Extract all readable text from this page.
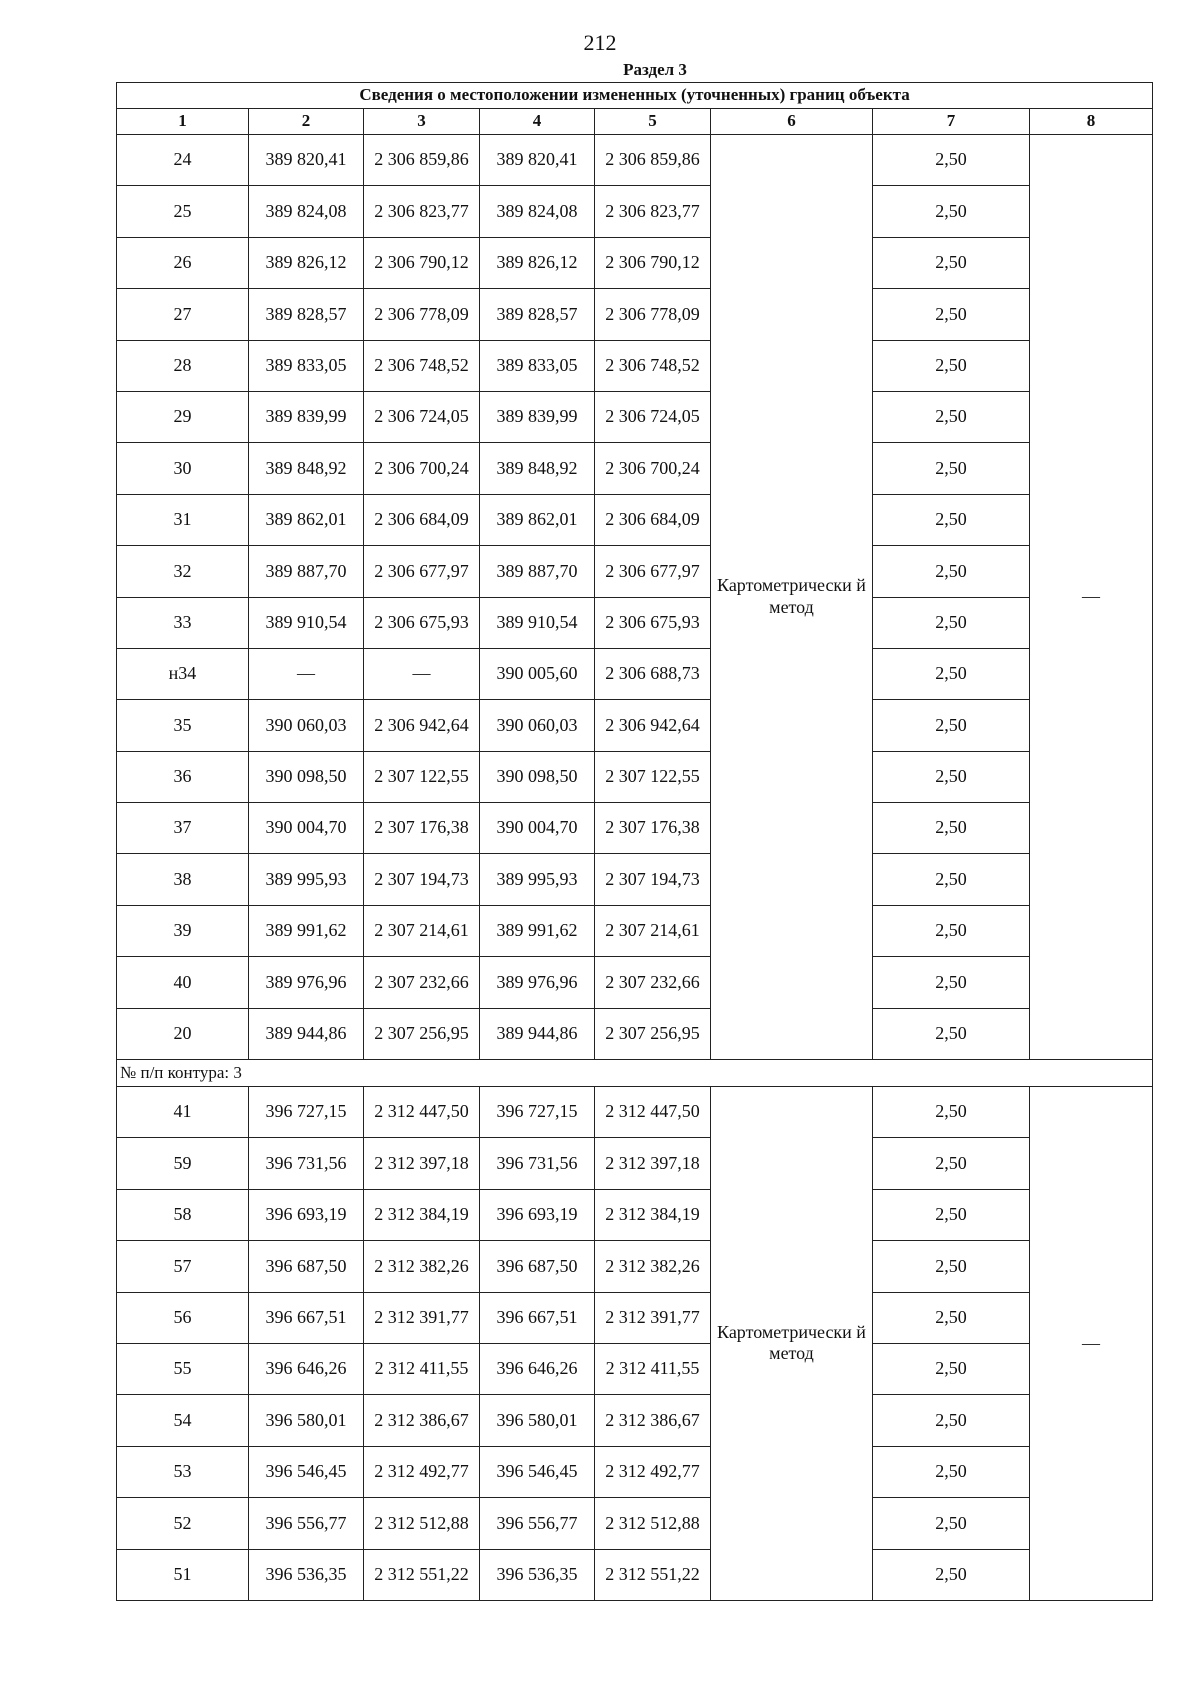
212
Раздел 3
Сведения о местоположении измененных (уточненных) границ объекта							
1	2	3	4	5	6	7	8
24	389 820,41	2 306 859,86	389 820,41	2 306 859,86	Картометрически й метод	2,50	—
25	389 824,08	2 306 823,77	389 824,08	2 306 823,77		2,50	
26	389 826,12	2 306 790,12	389 826,12	2 306 790,12		2,50	
27	389 828,57	2 306 778,09	389 828,57	2 306 778,09		2,50	
28	389 833,05	2 306 748,52	389 833,05	2 306 748,52		2,50	
29	389 839,99	2 306 724,05	389 839,99	2 306 724,05		2,50	
30	389 848,92	2 306 700,24	389 848,92	2 306 700,24		2,50	
31	389 862,01	2 306 684,09	389 862,01	2 306 684,09		2,50	
32	389 887,70	2 306 677,97	389 887,70	2 306 677,97		2,50	
33	389 910,54	2 306 675,93	389 910,54	2 306 675,93		2,50	
н34	—	—	390 005,60	2 306 688,73		2,50	
35	390 060,03	2 306 942,64	390 060,03	2 306 942,64		2,50	
36	390 098,50	2 307 122,55	390 098,50	2 307 122,55		2,50	
37	390 004,70	2 307 176,38	390 004,70	2 307 176,38		2,50	
38	389 995,93	2 307 194,73	389 995,93	2 307 194,73		2,50	
39	389 991,62	2 307 214,61	389 991,62	2 307 214,61		2,50	
40	389 976,96	2 307 232,66	389 976,96	2 307 232,66		2,50	
20	389 944,86	2 307 256,95	389 944,86	2 307 256,95		2,50	
№ п/п контура: 3							
41	396 727,15	2 312 447,50	396 727,15	2 312 447,50	Картометрически й метод	2,50	—
59	396 731,56	2 312 397,18	396 731,56	2 312 397,18		2,50	
58	396 693,19	2 312 384,19	396 693,19	2 312 384,19		2,50	
57	396 687,50	2 312 382,26	396 687,50	2 312 382,26		2,50	
56	396 667,51	2 312 391,77	396 667,51	2 312 391,77		2,50	
55	396 646,26	2 312 411,55	396 646,26	2 312 411,55		2,50	
54	396 580,01	2 312 386,67	396 580,01	2 312 386,67		2,50	
53	396 546,45	2 312 492,77	396 546,45	2 312 492,77		2,50	
52	396 556,77	2 312 512,88	396 556,77	2 312 512,88		2,50	
51	396 536,35	2 312 551,22	396 536,35	2 312 551,22		2,50	
